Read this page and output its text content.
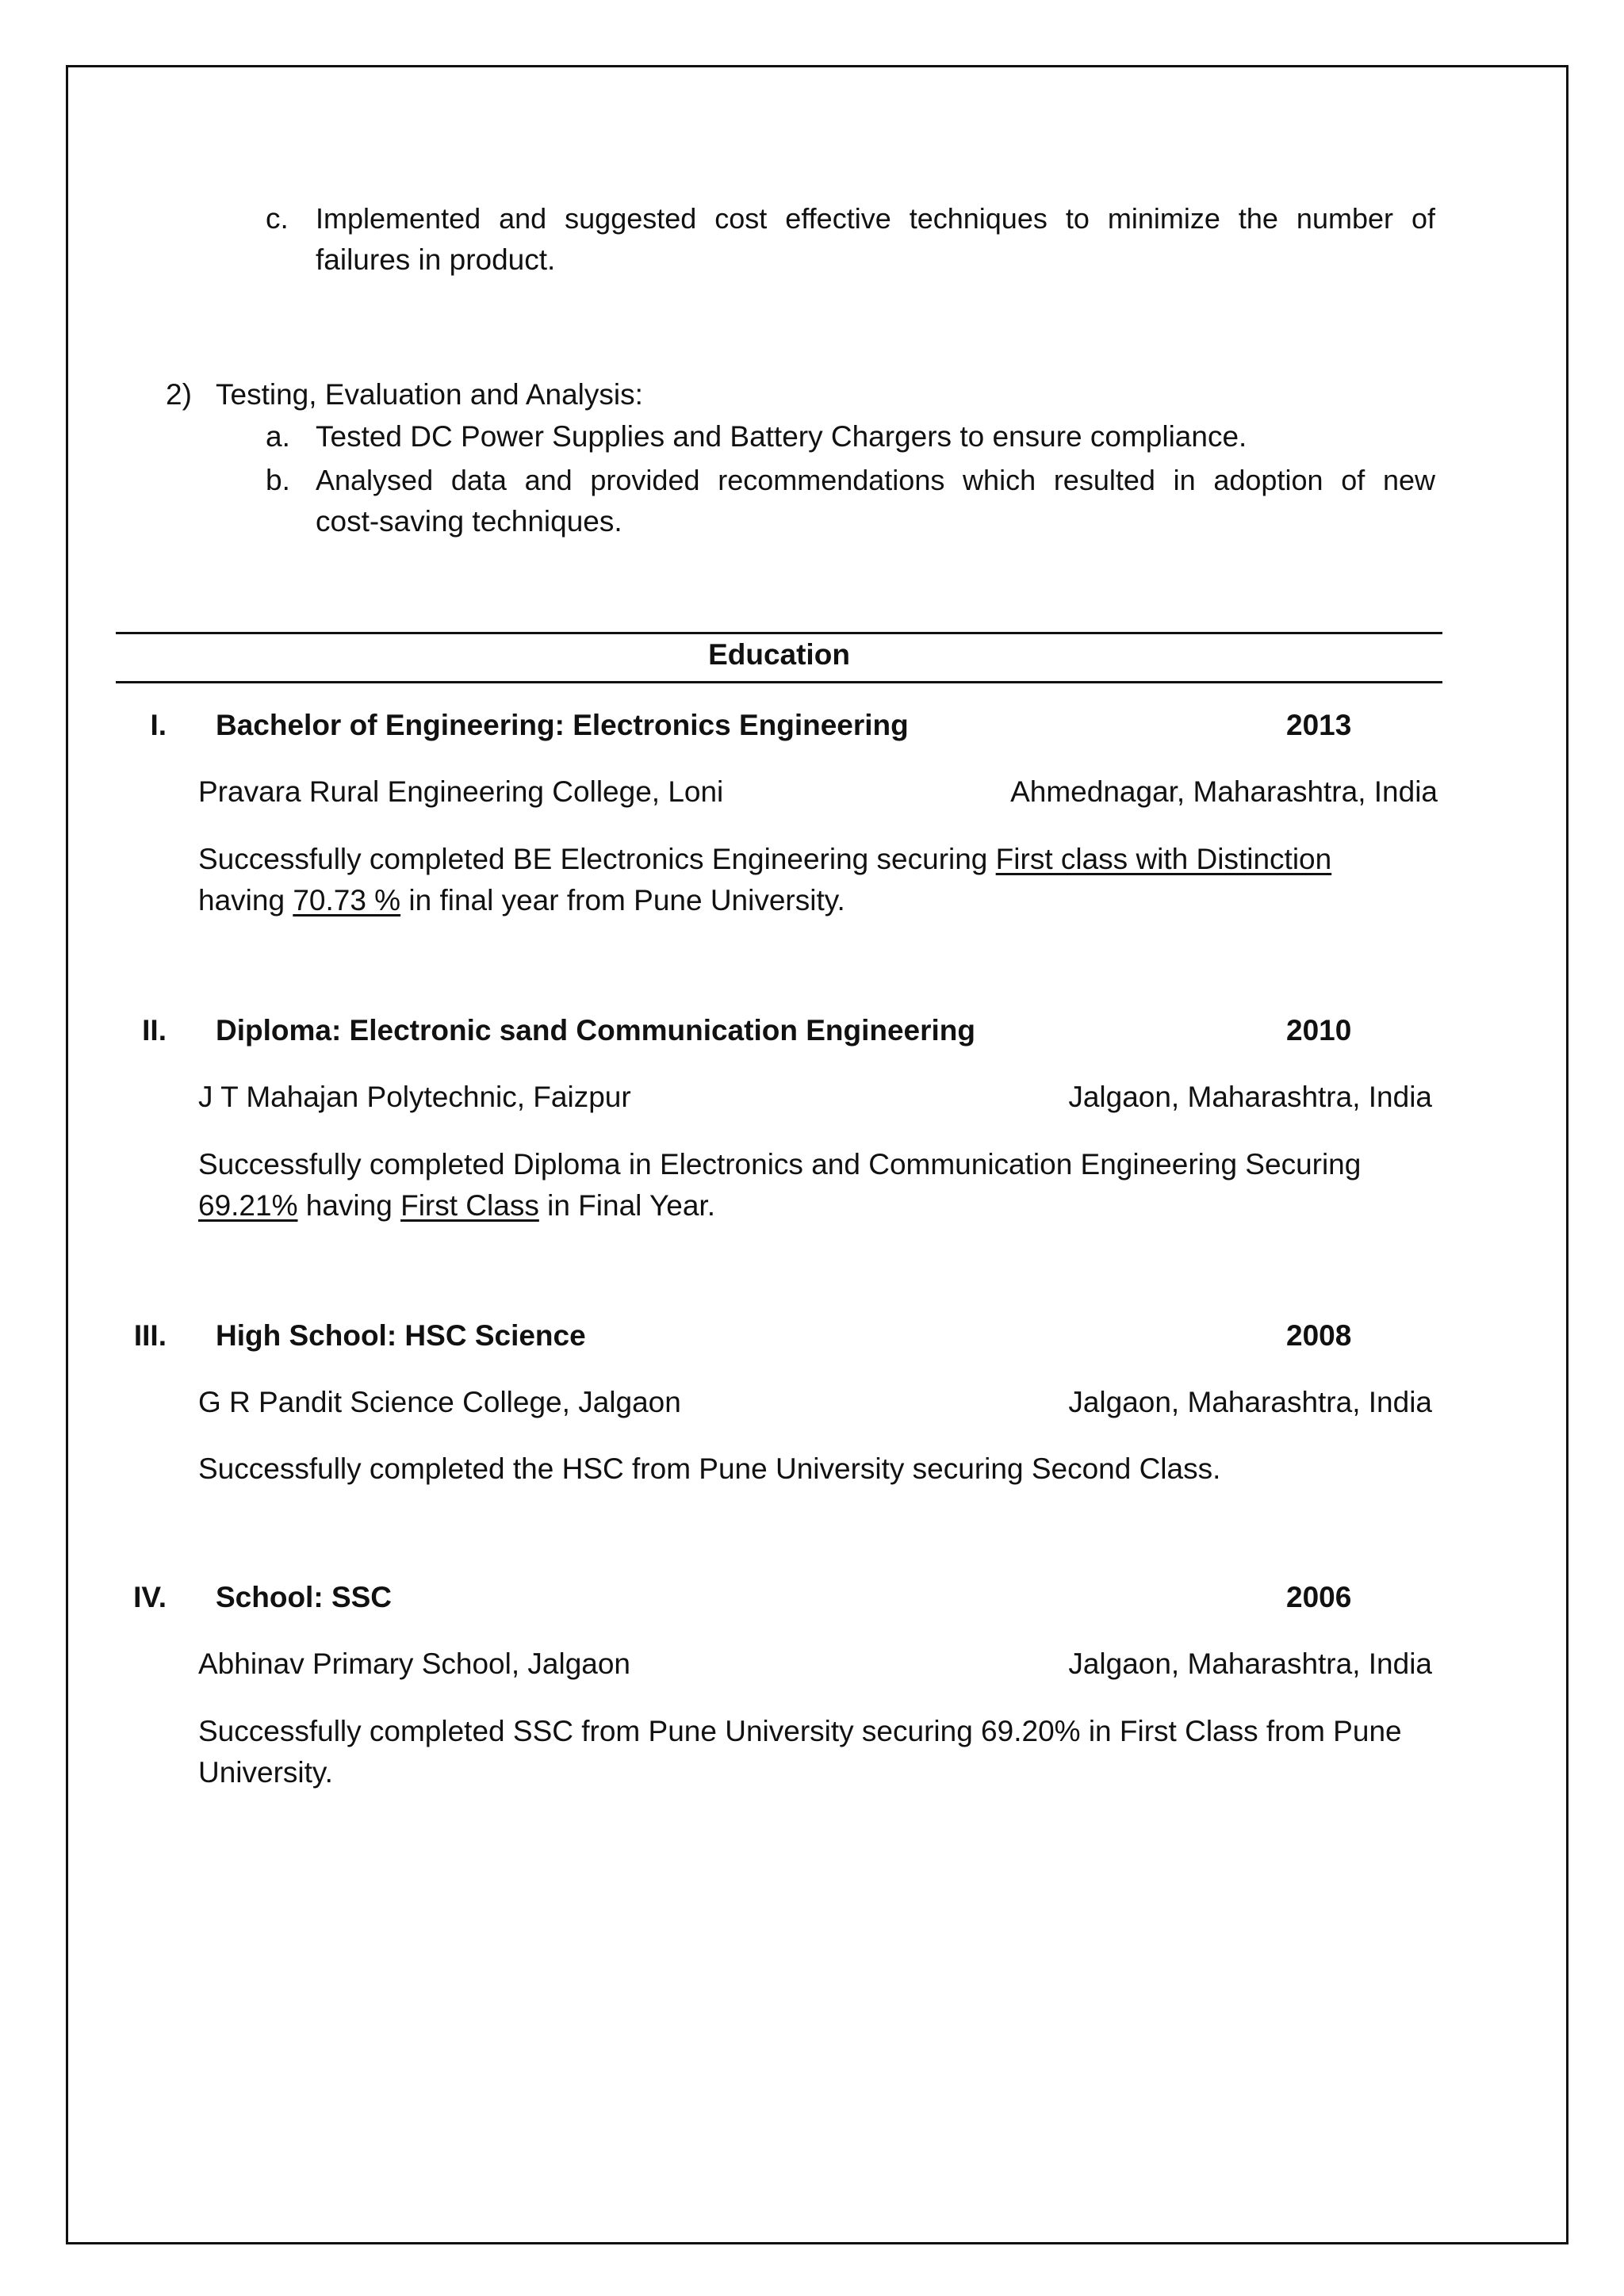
c. Implemented and suggested cost effective techniques to minimize the number of
failures in product.
2) Testing, Evaluation and Analysis:
a. Tested DC Power Supplies and Battery Chargers to ensure compliance.
b. Analysed data and provided recommendations which resulted in adoption of new
cost-saving techniques.
Education
I. Bachelor of Engineering: Electronics Engineering	2013
Pravara Rural Engineering College, Loni	Ahmednagar, Maharashtra, India
Successfully completed BE Electronics Engineering securing First class with Distinction
having 70.73 % in final year from Pune University.
II. Diploma: Electronic sand Communication Engineering	2010
J T Mahajan Polytechnic, Faizpur	Jalgaon, Maharashtra, India
Successfully completed Diploma in Electronics and Communication Engineering Securing
69.21% having First Class in Final Year.
III. High School: HSC Science	2008
G R Pandit Science College, Jalgaon	Jalgaon, Maharashtra, India
Successfully completed the HSC from Pune University securing Second Class.
IV. School: SSC	2006
Abhinav Primary School, Jalgaon	Jalgaon, Maharashtra, India
Successfully completed SSC from Pune University securing 69.20% in First Class from Pune
University.
